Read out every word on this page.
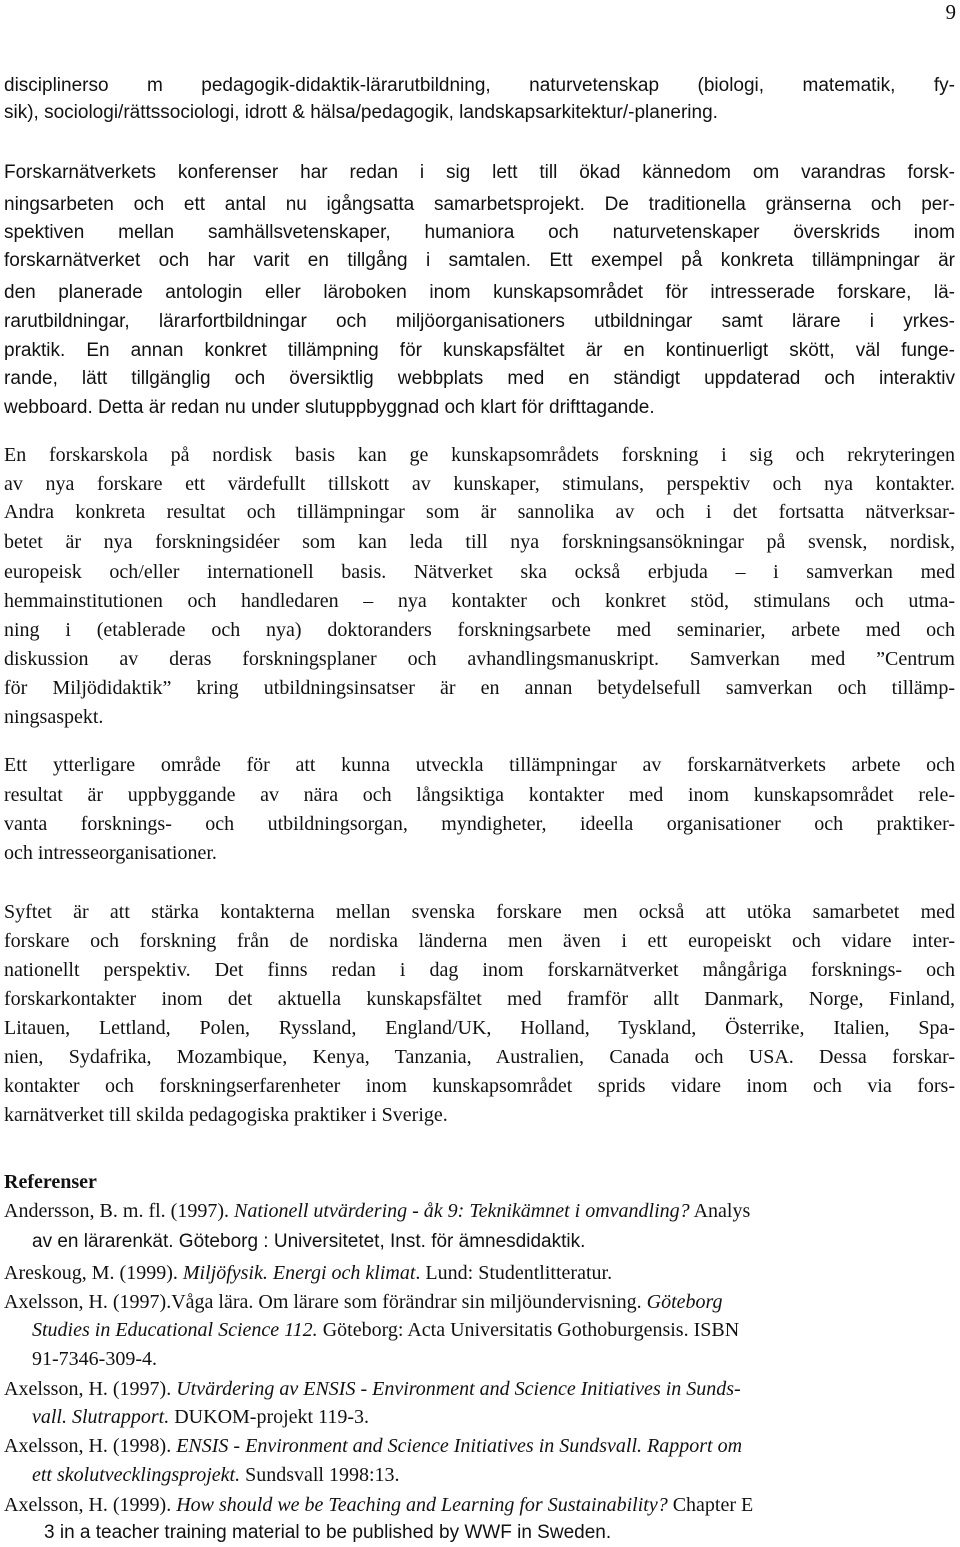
9
disciplinerso m pedagogik-didaktik-lärarutbildning, naturvetenskap (biologi, matematik, fy-
sik), sociologi/rättssociologi, idrott & hälsa/pedagogik, landskapsarkitektur/-planering.
Forskarnätverkets konferenser har redan i sig lett till ökad kännedom om varandras forsk-
ningsarbeten och ett antal nu igångsatta samarbetsprojekt. De traditionella gränserna och per-
spektiven mellan samhällsvetenskaper, humaniora och naturvetenskaper överskrids inom
forskarnätverket och har varit en tillgång i samtalen. Ett exempel på konkreta tillämpningar är
den planerade antologin eller läroboken inom kunskapsområdet för intresserade forskare, lä-
rarutbildningar, lärarfortbildningar och miljöorganisationers utbildningar samt lärare i yrkes-
praktik. En annan konkret tillämpning för kunskapsfältet är en kontinuerligt skött, väl funge-
rande, lätt tillgänglig och översiktlig webbplats med en ständigt uppdaterad och interaktiv
webboard. Detta är redan nu under slutuppbyggnad och klart för drifttagande.
En forskarskola på nordisk basis kan ge kunskapsområdets forskning i sig och rekryteringen
av nya forskare ett värdefullt tillskott av kunskaper, stimulans, perspektiv och nya kontakter.
Andra konkreta resultat och tillämpningar som är sannolika av och i det fortsatta nätverksar-
betet är nya forskningsidéer som kan leda till nya forskningsansökningar på svensk, nordisk,
europeisk och/eller internationell basis. Nätverket ska också erbjuda – i samverkan med
hemmainstitutionen och handledaren – nya kontakter och konkret stöd, stimulans och utma-
ning i (etablerade och nya) doktoranders forskningsarbete med seminarier, arbete med och
diskussion av deras forskningsplaner och avhandlingsmanuskript. Samverkan med ”Centrum
för Miljödidaktik” kring utbildningsinsatser är en annan betydelsefull samverkan och tillämp-
ningsaspekt.
Ett ytterligare område för att kunna utveckla tillämpningar av forskarnätverkets arbete och
resultat är uppbyggande av nära och långsiktiga kontakter med inom kunskapsområdet rele-
vanta forsknings- och utbildningsorgan, myndigheter, ideella organisationer och praktiker-
och intresseorganisationer.
Syftet är att stärka kontakterna mellan svenska forskare men också att utöka samarbetet med
forskare och forskning från de nordiska länderna men även i ett europeiskt och vidare inter-
nationellt perspektiv. Det finns redan i dag inom forskarnätverket mångåriga forsknings- och
forskarkontakter inom det aktuella kunskapsfältet med framför allt Danmark, Norge, Finland,
Litauen, Lettland, Polen, Ryssland, England/UK, Holland, Tyskland, Österrike, Italien, Spa-
nien, Sydafrika, Mozambique, Kenya, Tanzania, Australien, Canada och USA. Dessa forskar-
kontakter och forskningserfarenheter inom kunskapsområdet sprids vidare inom och via fors-
karnätverket till skilda pedagogiska praktiker i Sverige.
Referenser
Andersson, B. m. fl. (1997). Nationell utvärdering - åk 9: Teknikämnet i omvandling? Analys
av en lärarenkät. Göteborg : Universitetet, Inst. för ämnesdidaktik.
Areskoug, M. (1999). Miljöfysik. Energi och klimat. Lund: Studentlitteratur.
Axelsson, H. (1997).Våga lära. Om lärare som förändrar sin miljöundervisning. Göteborg
Studies in Educational Science 112. Göteborg: Acta Universitatis Gothoburgensis. ISBN
91-7346-309-4.
Axelsson, H. (1997). Utvärdering av ENSIS - Environment and Science Initiatives in Sunds-
vall. Slutrapport. DUKOM-projekt 119-3.
Axelsson, H. (1998). ENSIS - Environment and Science Initiatives in Sundsvall. Rapport om
ett skolutvecklingsprojekt. Sundsvall 1998:13.
Axelsson, H. (1999). How should we be Teaching and Learning for Sustainability? Chapter E
3 in a teacher training material to be published by WWF in Sweden.
